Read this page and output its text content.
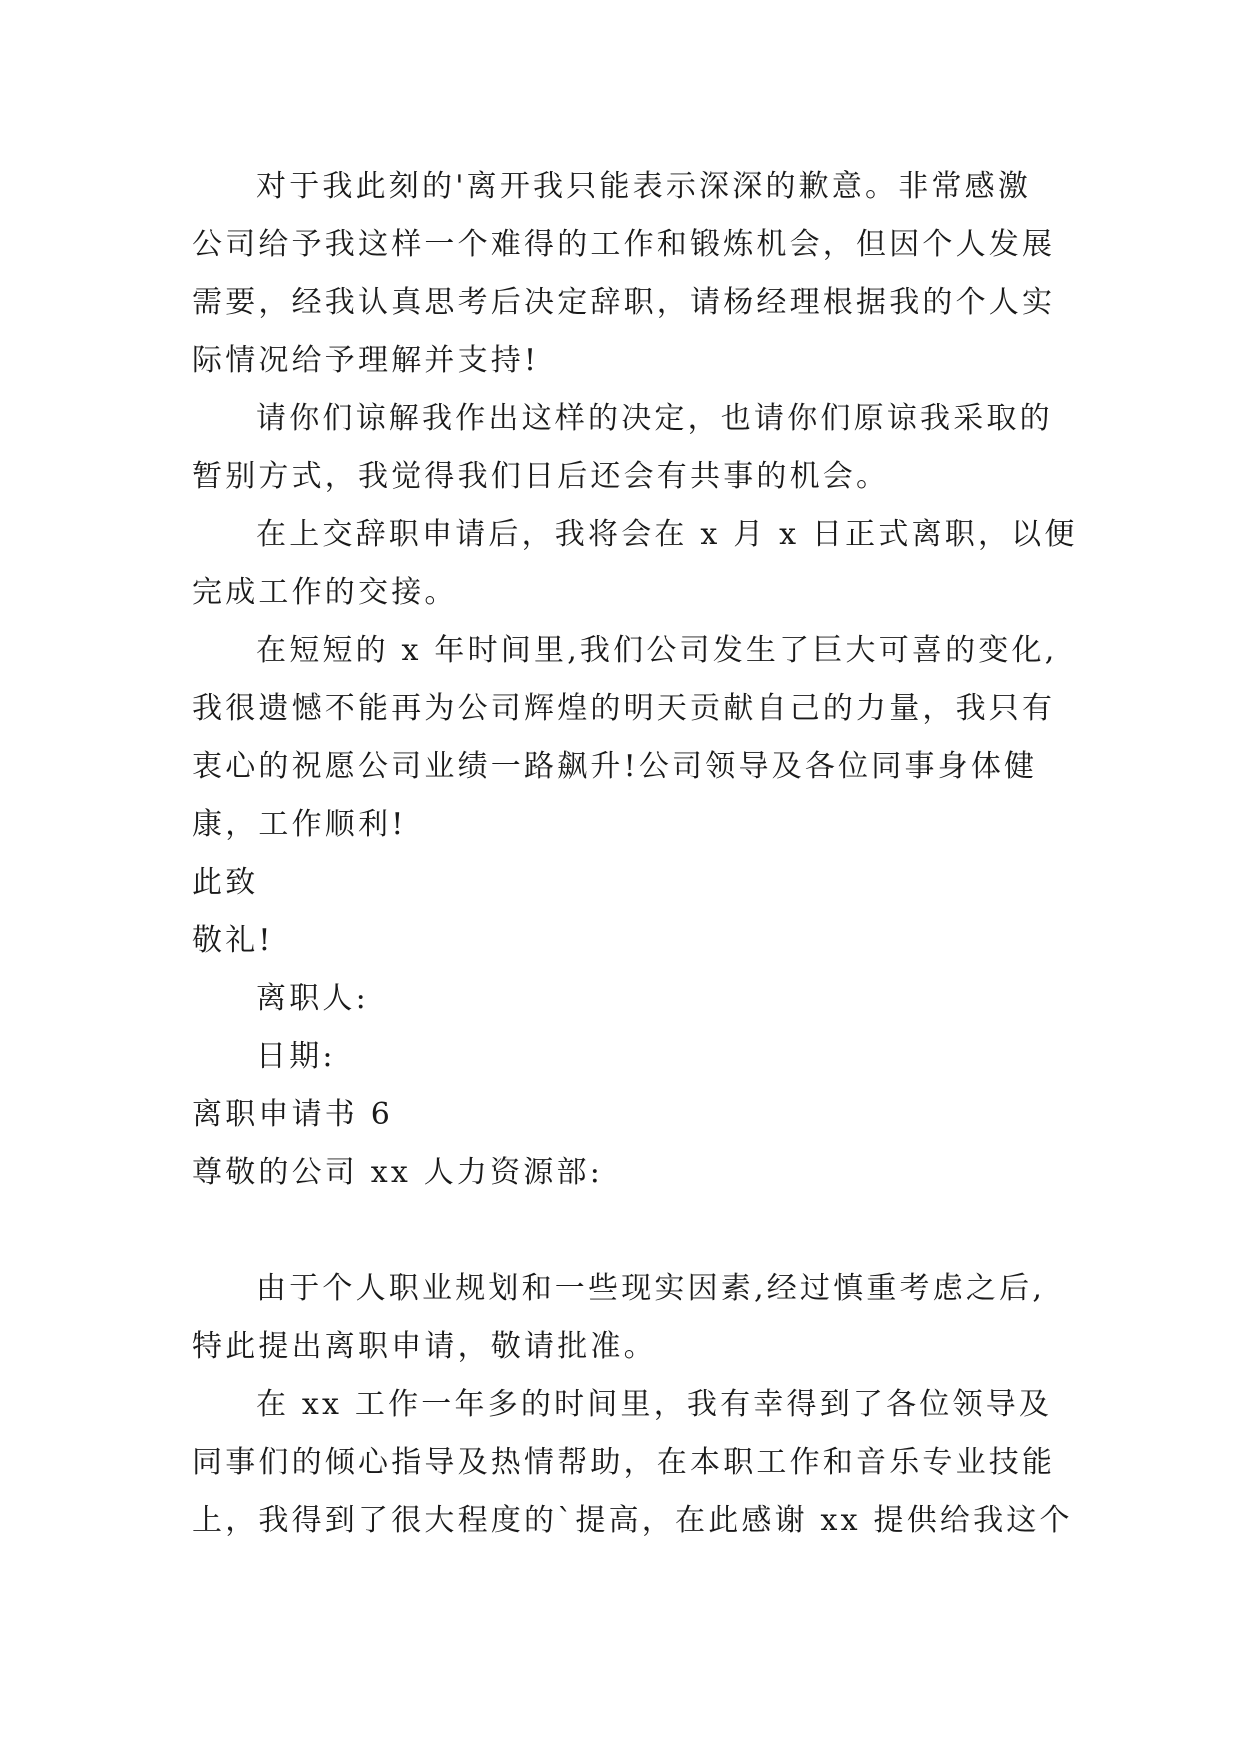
对于我此刻的'离开我只能表示深深的歉意。非常感激
公司给予我这样一个难得的工作和锻炼机会，但因个人发展
需要，经我认真思考后决定辞职，请杨经理根据我的个人实
际情况给予理解并支持!
请你们谅解我作出这样的决定，也请你们原谅我采取的
暂别方式，我觉得我们日后还会有共事的机会。
在上交辞职申请后，我将会在 x 月 x 日正式离职，以便
完成工作的交接。
在短短的 x 年时间里,我们公司发生了巨大可喜的变化,
我很遗憾不能再为公司辉煌的明天贡献自己的力量，我只有
衷心的祝愿公司业绩一路飙升!公司领导及各位同事身体健
康，工作顺利!
此致
敬礼!
离职人:
日期:
离职申请书 6
尊敬的公司 xx 人力资源部:
由于个人职业规划和一些现实因素,经过慎重考虑之后,
特此提出离职申请，敬请批准。
在 xx 工作一年多的时间里，我有幸得到了各位领导及
同事们的倾心指导及热情帮助，在本职工作和音乐专业技能
上，我得到了很大程度的`提高，在此感谢 xx 提供给我这个
